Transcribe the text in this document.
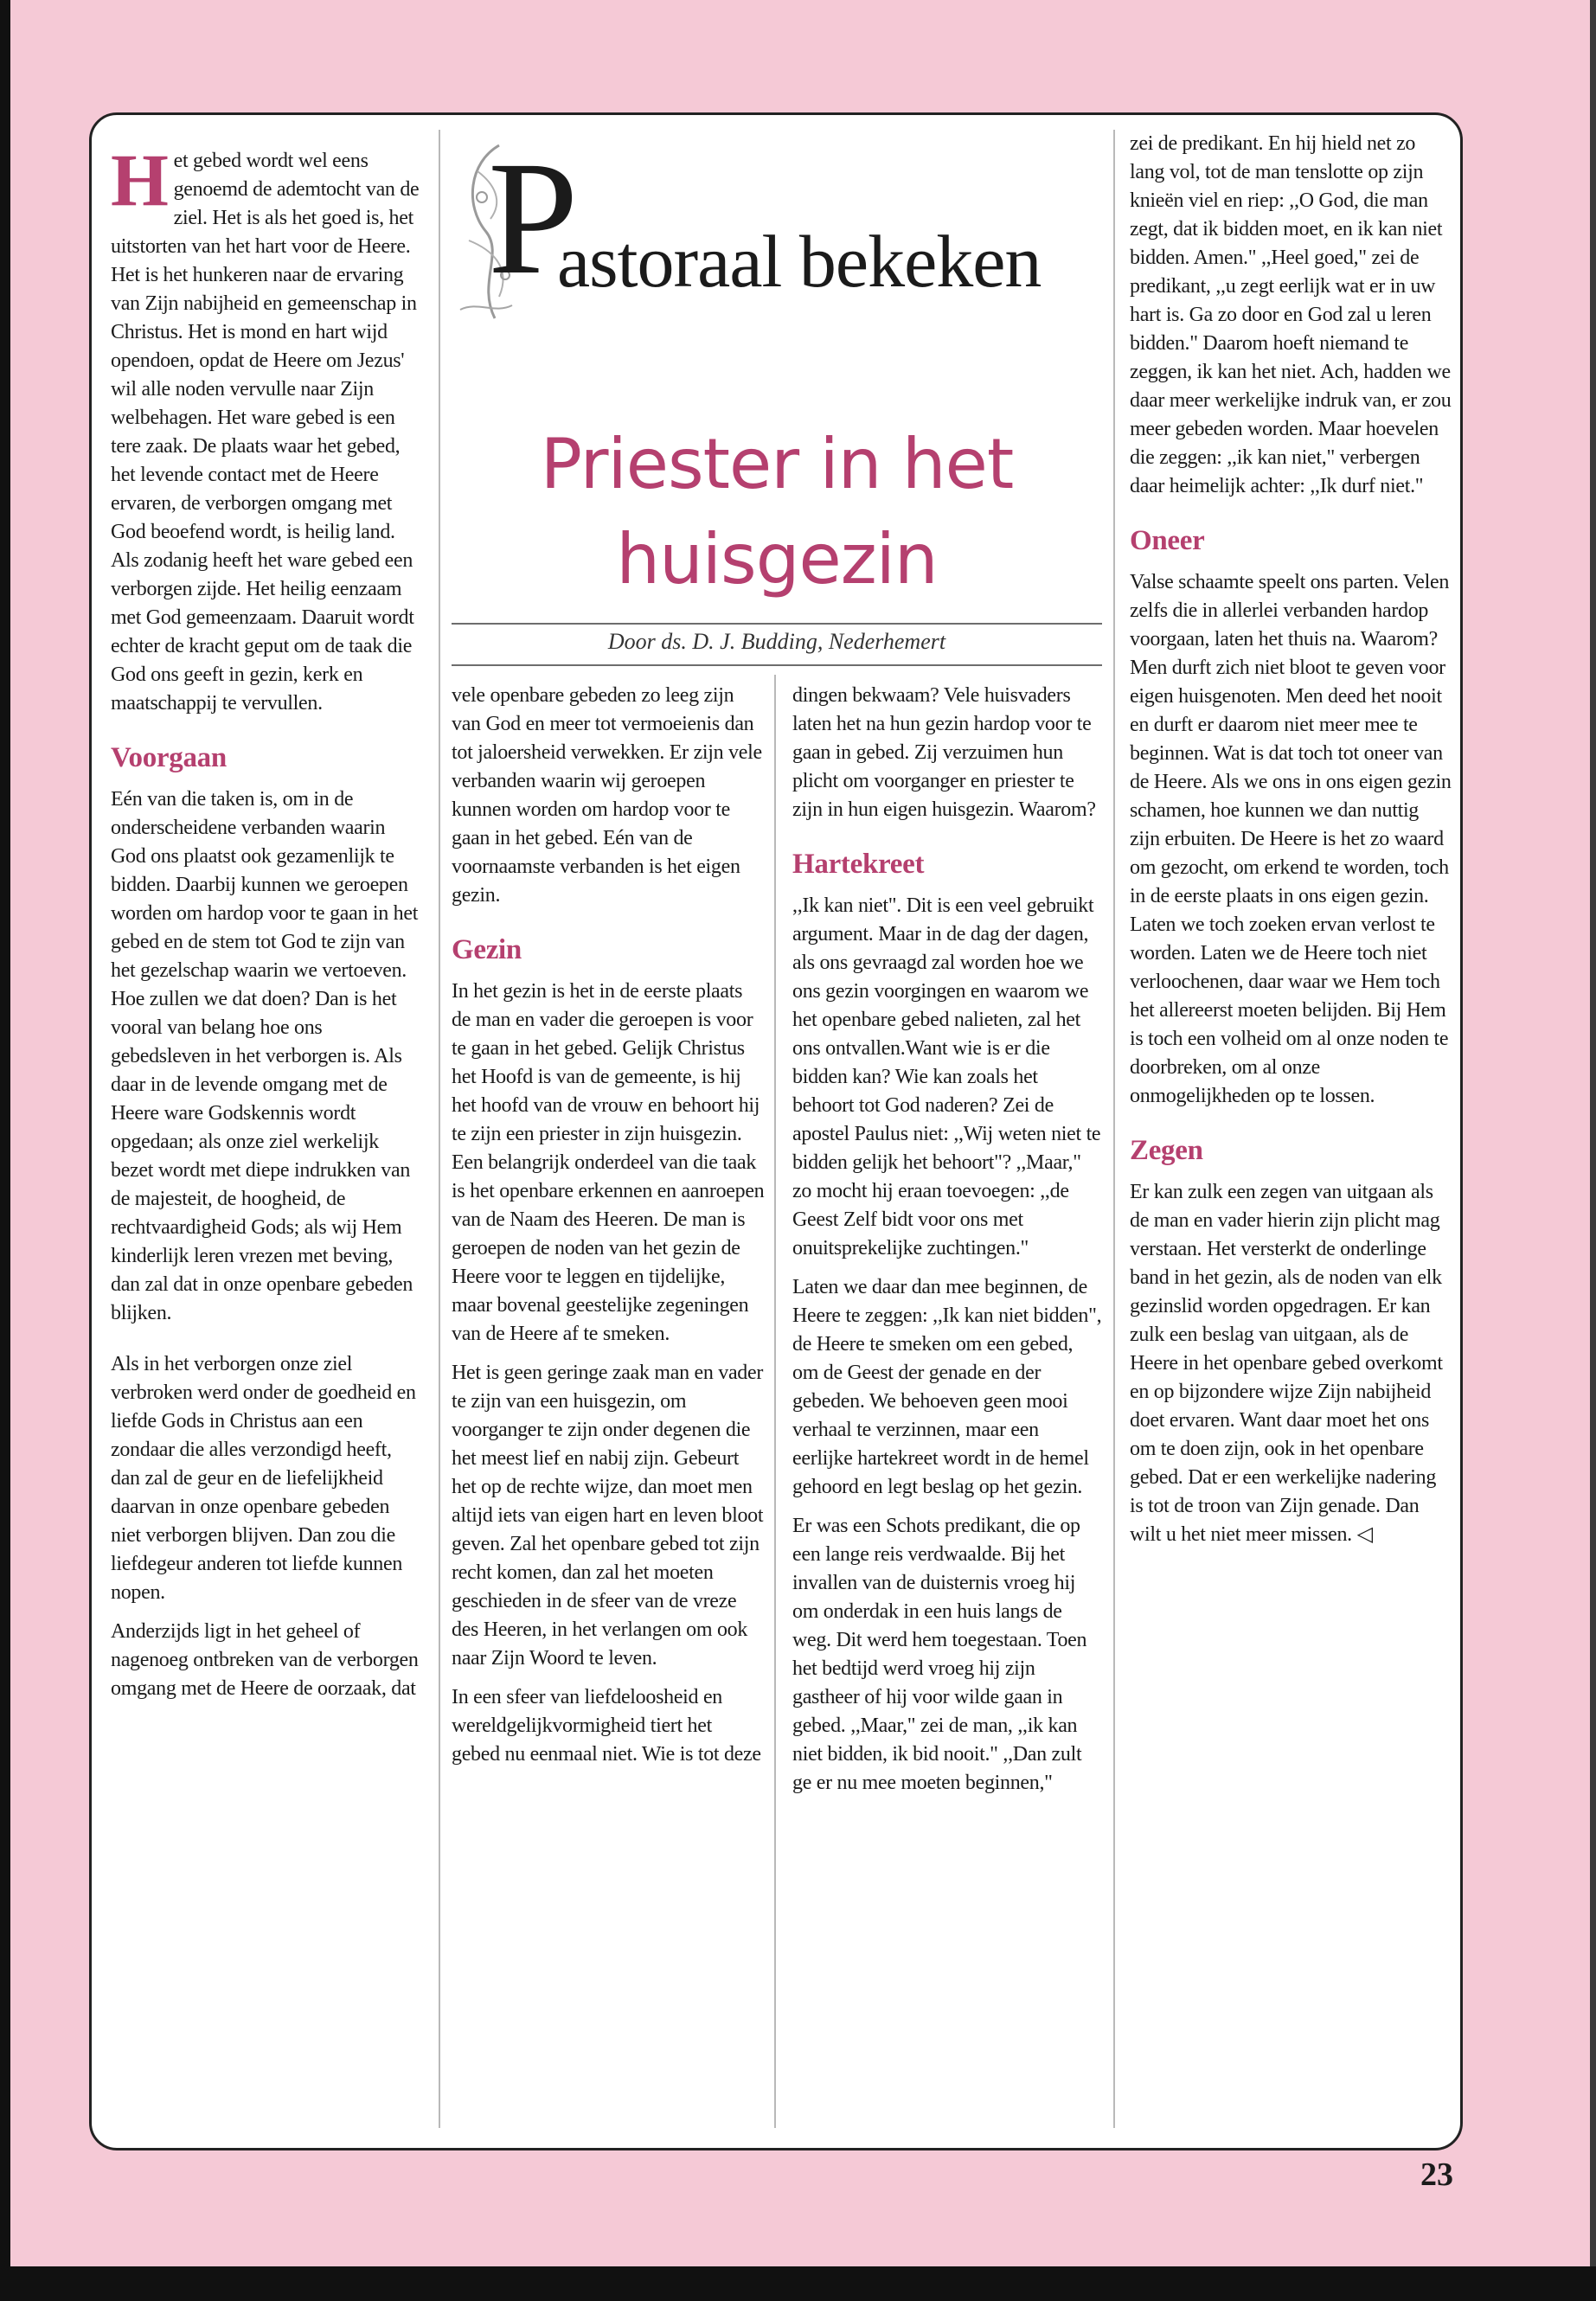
P
astoraal bekeken
Priester in het
huisgezin
Door ds. D. J. Budding, Nederhemert

Het gebed wordt wel eens genoemd de ademtocht van de ziel. Het is als het goed is, het uitstorten van het hart voor de Heere. Het is het hunkeren naar de ervaring van Zijn nabijheid en gemeenschap in Christus. Het is mond en hart wijd opendoen, opdat de Heere om Jezus' wil alle noden vervulle naar Zijn welbehagen. Het ware gebed is een tere zaak. De plaats waar het gebed, het levende contact met de Heere ervaren, de verborgen omgang met God beoefend wordt, is heilig land. Als zodanig heeft het ware gebed een verborgen zijde. Het heilig eenzaam met God gemeenzaam. Daaruit wordt echter de kracht geput om de taak die God ons geeft in gezin, kerk en maatschappij te vervullen.

Voorgaan

Eén van die taken is, om in de onderscheidene verbanden waarin God ons plaatst ook gezamenlijk te bidden. Daarbij kunnen we geroepen worden om hardop voor te gaan in het gebed en de stem tot God te zijn van het gezelschap waarin we vertoeven. Hoe zullen we dat doen? Dan is het vooral van belang hoe ons gebedsleven in het verborgen is. Als daar in de levende omgang met de Heere ware Godskennis wordt opgedaan; als onze ziel werkelijk bezet wordt met diepe indrukken van de majesteit, de hoogheid, de rechtvaardigheid Gods; als wij Hem kinderlijk leren vrezen met beving, dan zal dat in onze openbare gebeden blijken.

Als in het verborgen onze ziel verbroken werd onder de goedheid en liefde Gods in Christus aan een zondaar die alles verzondigd heeft, dan zal de geur en de liefelijkheid daarvan in onze openbare gebeden niet verborgen blijven. Dan zou die liefdegeur anderen tot liefde kunnen nopen.

Anderzijds ligt in het geheel of nagenoeg ontbreken van de verborgen omgang met de Heere de oorzaak, dat

vele openbare gebeden zo leeg zijn van God en meer tot vermoeienis dan tot jaloersheid verwekken. Er zijn vele verbanden waarin wij geroepen kunnen worden om hardop voor te gaan in het gebed. Eén van de voornaamste verbanden is het eigen gezin.

Gezin

In het gezin is het in de eerste plaats de man en vader die geroepen is voor te gaan in het gebed. Gelijk Christus het Hoofd is van de gemeente, is hij het hoofd van de vrouw en behoort hij te zijn een priester in zijn huisgezin. Een belangrijk onderdeel van die taak is het openbare erkennen en aanroepen van de Naam des Heeren. De man is geroepen de noden van het gezin de Heere voor te leggen en tijdelijke, maar bovenal geestelijke zegeningen van de Heere af te smeken.

Het is geen geringe zaak man en vader te zijn van een huisgezin, om voorganger te zijn onder degenen die het meest lief en nabij zijn. Gebeurt het op de rechte wijze, dan moet men altijd iets van eigen hart en leven bloot geven. Zal het openbare gebed tot zijn recht komen, dan zal het moeten geschieden in de sfeer van de vreze des Heeren, in het verlangen om ook naar Zijn Woord te leven.

In een sfeer van liefdeloosheid en wereldgelijkvormigheid tiert het gebed nu eenmaal niet. Wie is tot deze

dingen bekwaam? Vele huisvaders laten het na hun gezin hardop voor te gaan in gebed. Zij verzuimen hun plicht om voorganger en priester te zijn in hun eigen huisgezin. Waarom?

Hartekreet

,,Ik kan niet". Dit is een veel gebruikt argument. Maar in de dag der dagen, als ons gevraagd zal worden hoe we ons gezin voorgingen en waarom we het openbare gebed nalieten, zal het ons ontvallen.Want wie is er die bidden kan? Wie kan zoals het behoort tot God naderen? Zei de apostel Paulus niet: ,,Wij weten niet te bidden gelijk het behoort"? ,,Maar," zo mocht hij eraan toevoegen: ,,de Geest Zelf bidt voor ons met onuitsprekelijke zuchtingen."

Laten we daar dan mee beginnen, de Heere te zeggen: ,,Ik kan niet bidden", de Heere te smeken om een gebed, om de Geest der genade en der gebeden. We behoeven geen mooi verhaal te verzinnen, maar een eerlijke hartekreet wordt in de hemel gehoord en legt beslag op het gezin.

Er was een Schots predikant, die op een lange reis verdwaalde. Bij het invallen van de duisternis vroeg hij om onderdak in een huis langs de weg. Dit werd hem toegestaan. Toen het bedtijd werd vroeg hij zijn gastheer of hij voor wilde gaan in gebed. ,,Maar," zei de man, ,,ik kan niet bidden, ik bid nooit." ,,Dan zult ge er nu mee moeten beginnen,"

zei de predikant. En hij hield net zo lang vol, tot de man tenslotte op zijn knieën viel en riep: ,,O God, die man zegt, dat ik bidden moet, en ik kan niet bidden. Amen." ,,Heel goed," zei de predikant, ,,u zegt eerlijk wat er in uw hart is. Ga zo door en God zal u leren bidden." Daarom hoeft niemand te zeggen, ik kan het niet. Ach, hadden we daar meer werkelijke indruk van, er zou meer gebeden worden. Maar hoevelen die zeggen: ,,ik kan niet," verbergen daar heimelijk achter: ,,Ik durf niet."

Oneer

Valse schaamte speelt ons parten. Velen zelfs die in allerlei verbanden hardop voorgaan, laten het thuis na. Waarom? Men durft zich niet bloot te geven voor eigen huisgenoten. Men deed het nooit en durft er daarom niet meer mee te beginnen. Wat is dat toch tot oneer van de Heere. Als we ons in ons eigen gezin schamen, hoe kunnen we dan nuttig zijn erbuiten. De Heere is het zo waard om gezocht, om erkend te worden, toch in de eerste plaats in ons eigen gezin. Laten we toch zoeken ervan verlost te worden. Laten we de Heere toch niet verloochenen, daar waar we Hem toch het allereerst moeten belijden. Bij Hem is toch een volheid om al onze noden te doorbreken, om al onze onmogelijkheden op te lossen.

Zegen

Er kan zulk een zegen van uitgaan als de man en vader hierin zijn plicht mag verstaan. Het versterkt de onderlinge band in het gezin, als de noden van elk gezinslid worden opgedragen. Er kan zulk een beslag van uitgaan, als de Heere in het openbare gebed overkomt en op bijzondere wijze Zijn nabijheid doet ervaren. Want daar moet het ons om te doen zijn, ook in het openbare gebed. Dat er een werkelijke nadering is tot de troon van Zijn genade. Dan wilt u het niet meer missen. ◁

23
